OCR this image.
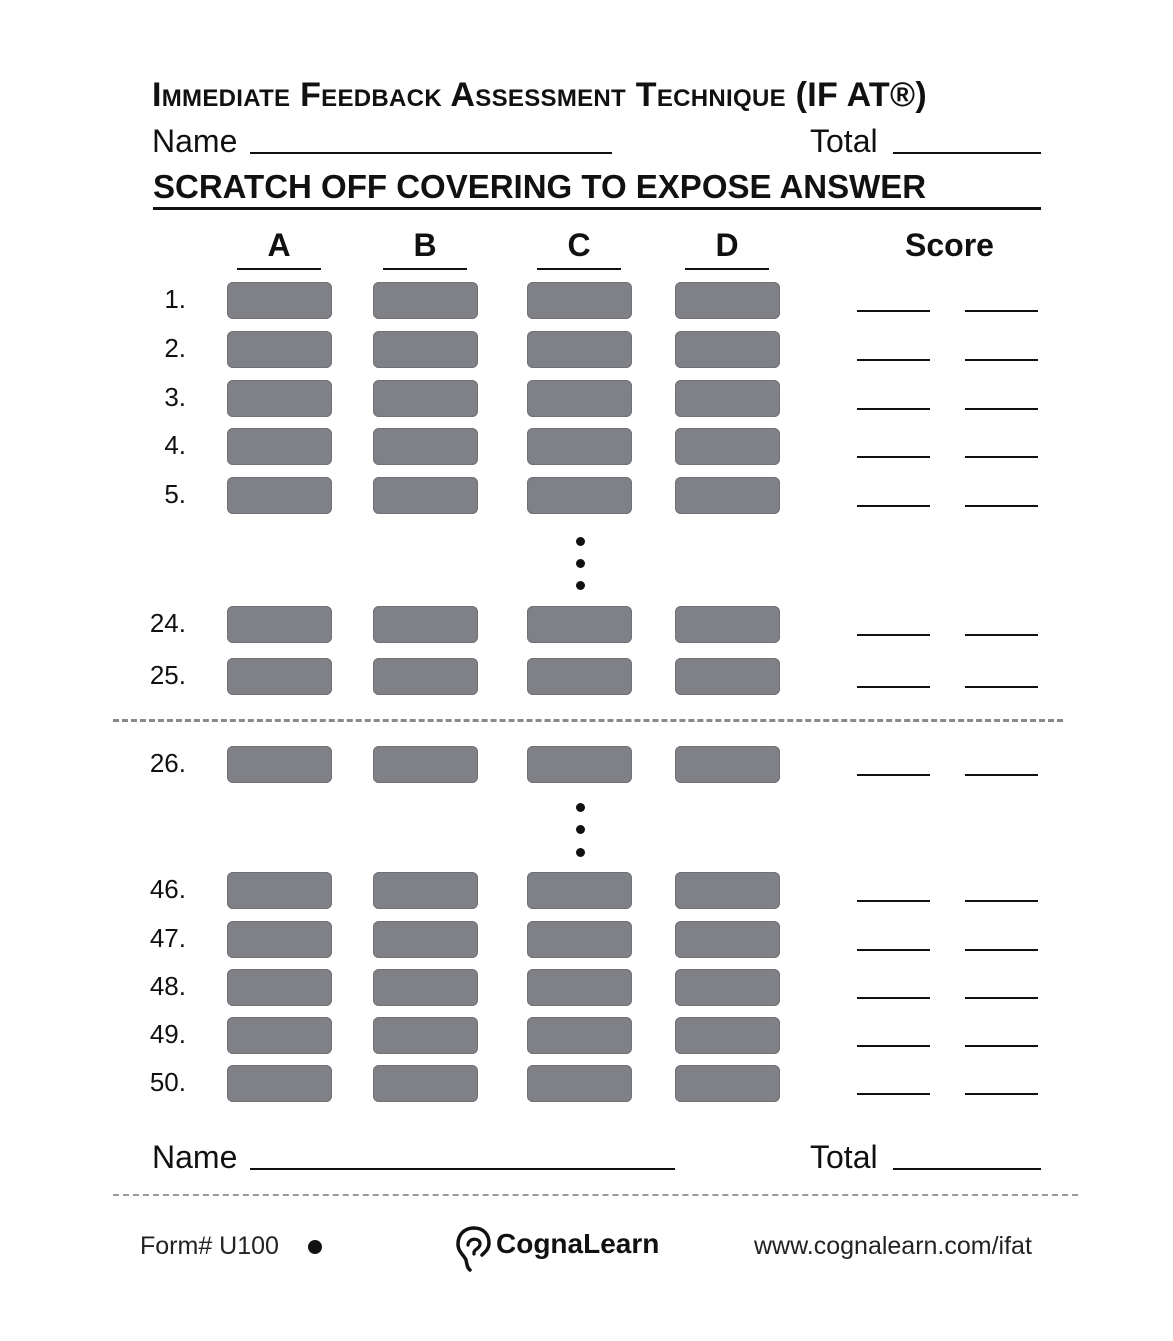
Immediate Feedback Assessment Technique (IF AT®)
Name	Total
SCRATCH OFF COVERING TO EXPOSE ANSWER
A	B	C	D	Score
1.
2.
3.
4.
5.
24.
25.
26.
46.
47.
48.
49.
50.
Name	Total
Form# U100	CognaLearn	www.cognalearn.com/ifat
